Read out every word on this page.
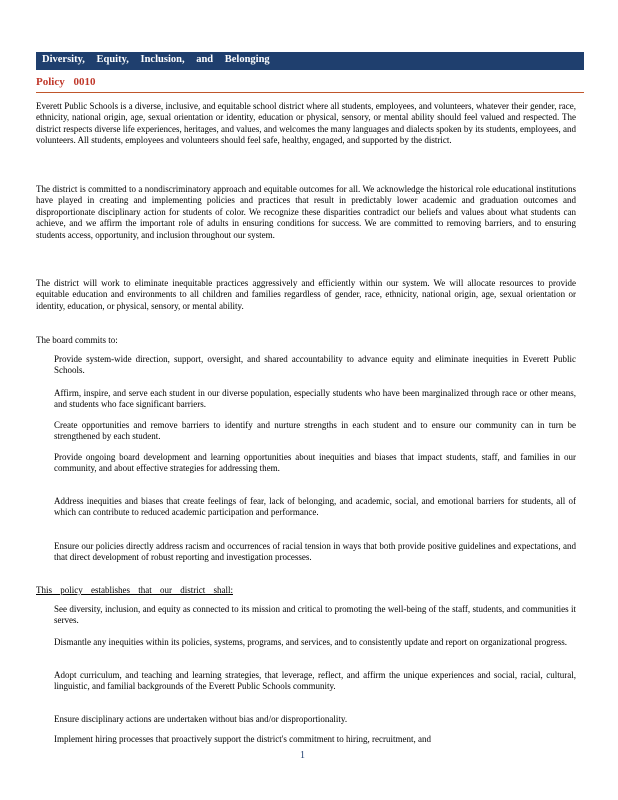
Diversity, Equity, Inclusion, and Belonging
Policy 0010

Everett Public Schools is a diverse, inclusive, and equitable school district where all students, employees, and volunteers, whatever their gender, race, ethnicity, national origin, age, sexual orientation or identity, education or physical, sensory, or mental ability should feel valued and respected. The district respects diverse life experiences, heritages, and values, and welcomes the many languages and dialects spoken by its students, employees, and volunteers. All students, employees and volunteers should feel safe, healthy, engaged, and supported by the district.

The district is committed to a nondiscriminatory approach and equitable outcomes for all. We acknowledge the historical role educational institutions have played in creating and implementing policies and practices that result in predictably lower academic and graduation outcomes and disproportionate disciplinary action for students of color. We recognize these disparities contradict our beliefs and values about what students can achieve, and we affirm the important role of adults in ensuring conditions for success. We are committed to removing barriers, and to ensuring students access, opportunity, and inclusion throughout our system.

The district will work to eliminate inequitable practices aggressively and efficiently within our system. We will allocate resources to provide equitable education and environments to all children and families regardless of gender, race, ethnicity, national origin, age, sexual orientation or identity, education, or physical, sensory, or mental ability.

The board commits to:

Provide system-wide direction, support, oversight, and shared accountability to advance equity and eliminate inequities in Everett Public Schools.
Affirm, inspire, and serve each student in our diverse population, especially students who have been marginalized through race or other means, and students who face significant barriers.
Create opportunities and remove barriers to identify and nurture strengths in each student and to ensure our community can in turn be strengthened by each student.
Provide ongoing board development and learning opportunities about inequities and biases that impact students, staff, and families in our community, and about effective strategies for addressing them.
Address inequities and biases that create feelings of fear, lack of belonging, and academic, social, and emotional barriers for students, all of which can contribute to reduced academic participation and performance.
Ensure our policies directly address racism and occurrences of racial tension in ways that both provide positive guidelines and expectations, and that direct development of robust reporting and investigation processes.
This policy establishes that our district shall:
See diversity, inclusion, and equity as connected to its mission and critical to promoting the well-being of the staff, students, and communities it serves.
Dismantle any inequities within its policies, systems, programs, and services, and to consistently update and report on organizational progress.
Adopt curriculum, and teaching and learning strategies, that leverage, reflect, and affirm the unique experiences and social, racial, cultural, linguistic, and familial backgrounds of the Everett Public Schools community.
Ensure disciplinary actions are undertaken without bias and/or disproportionality.
Implement hiring processes that proactively support the district's commitment to hiring, recruitment, and
1
